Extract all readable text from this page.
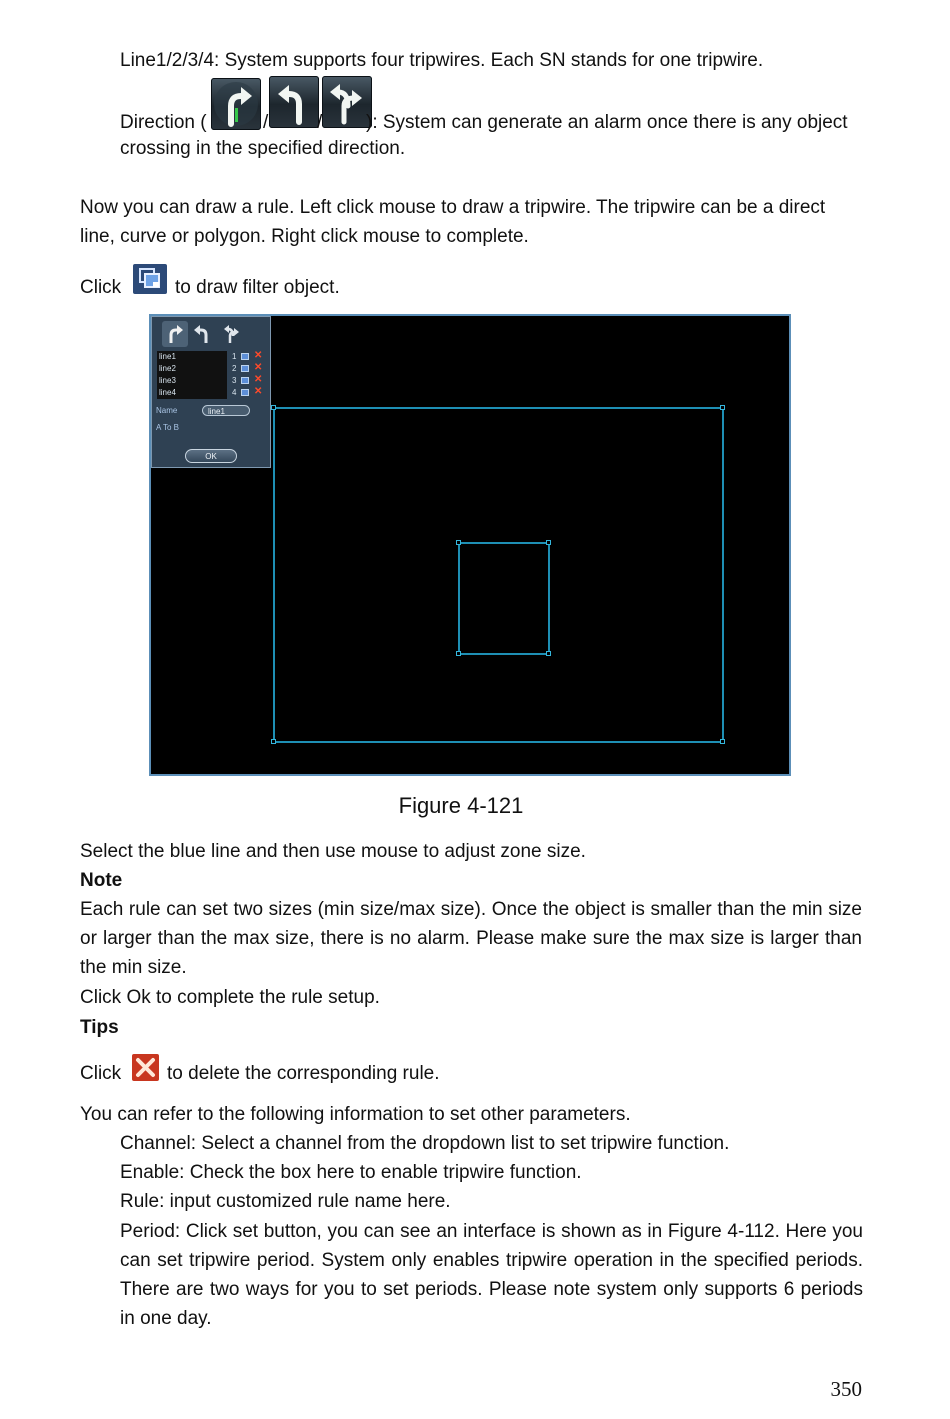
Line1/2/3/4: System supports four tripwires. Each SN stands for one tripwire.
Direction (	/	/ ): System can generate an alarm once there is any object
crossing in the specified direction.
Now you can draw a rule. Left click mouse to draw a tripwire. The tripwire can be a direct line, curve or polygon. Right click mouse to complete.
Click	to draw filter object.
line1	1 ✕
line2	2 ✕
line3	3 ✕
line4	4 ✕
Name	line1
A To B
OK
Figure 4-121
Select the blue line and then use mouse to adjust zone size.
Note
Each rule can set two sizes (min size/max size). Once the object is smaller than the min size or larger than the max size, there is no alarm. Please make sure the max size is larger than the min size.
Click Ok to complete the rule setup.
Tips
Click to delete the corresponding rule.
You can refer to the following information to set other parameters.
Channel: Select a channel from the dropdown list to set tripwire function.
Enable: Check the box here to enable tripwire function.
Rule: input customized rule name here.
Period: Click set button, you can see an interface is shown as in Figure 4-112. Here you can set tripwire period. System only enables tripwire operation in the specified periods. There are two ways for you to set periods. Please note system only supports 6 periods in one day.
350
